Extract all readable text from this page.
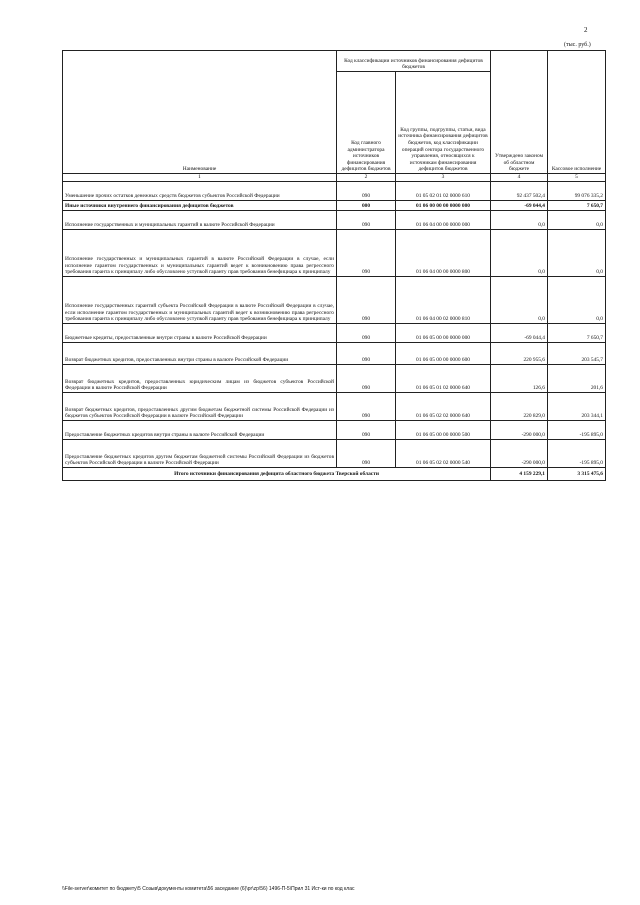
2
(тыс. руб.)
Наименование	Код классификации источников финансирования дефицитов бюджетов		Утверждено законом об областном бюджете	Кассовое исполнение
	Код главного администратора источников финансирования дефицитов бюджетов	Код группы, подгруппы, статьи, вида источника финансирования дефицитов бюджетов, код классификации операций сектора государственного управления, относящихся к источникам финансирования дефицитов бюджетов		
1	2	3	4	5
Уменьшение прочих остатков денежных средств бюджетов субъектов Российской Федерации	090	01 05 02 01 02 0000 610	92 437 502,4	99 076 335,2
Иные источники внутреннего финансирования дефицитов бюджетов	000	01 06 00 00 00 0000 000	-69 044,4	7 650,7
Исполнение государственных и муниципальных гарантий в валюте Российской Федерации	090	01 06 04 00 00 0000 000	0,0	0,0
Исполнение государственных и муниципальных гарантий в валюте Российской Федерации в случае, если исполнение гарантом государственных и муниципальных гарантий ведет к возникновению права регрессного требования гаранта к принципалу либо обусловлено уступкой гаранту прав требования бенефициара к принципалу	090	01 06 04 00 00 0000 800	0,0	0,0
Исполнение государственных гарантий субъекта Российской Федерации в валюте Российской Федерации в случае, если исполнение гарантом государственных и муниципальных гарантий ведет к возникновению права регрессного требования гаранта к принципалу либо обусловлено уступкой гаранту прав требования бенефициара к принципалу	090	01 06 04 00 02 0000 810	0,0	0,0
Бюджетные кредиты, предоставленные внутри страны в валюте Российской Федерации	090	01 06 05 00 00 0000 000	-69 044,4	7 650,7
Возврат бюджетных кредитов, предоставленных внутри страны в валюте Российской Федерации	090	01 06 05 00 00 0000 600	220 955,6	203 545,7
Возврат бюджетных кредитов, предоставленных юридическим лицам из бюджетов субъектов Российской Федерации в валюте Российской Федерации	090	01 06 05 01 02 0000 640	126,6	201,6
Возврат бюджетных кредитов, предоставленных другим бюджетам бюджетной системы Российской Федерации из бюджетов субъектов Российской Федерации в валюте Российской Федерации	090	01 06 05 02 02 0000 640	220 829,0	203 344,1
Предоставление бюджетных кредитов внутри страны в валюте Российской Федерации	090	01 06 05 00 00 0000 500	-290 000,0	-195 895,0
Предоставление бюджетных кредитов другим бюджетам бюджетной системы Российской Федерации из бюджетов субъектов Российской Федерации в валюте Российской Федерации	090	01 06 05 02 02 0000 540	-290 000,0	-195 895,0
Итого источники финансирования дефицита областного бюджета Тверской области			4 159 229,1	3 315 475,6
\\File-server\комитет по бюджету\5 Созыв\документы комитета\56 заседание (6)\pr\zp\56) 1496-П-5\Прил 31 Ист-ки по код клас
